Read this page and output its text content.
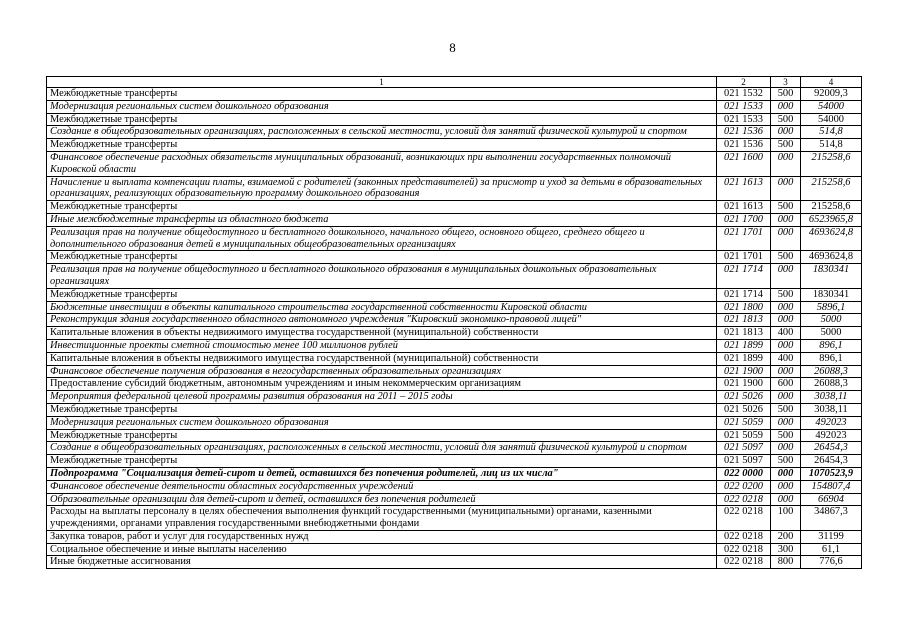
8
1	2	3	4
Межбюджетные трансферты	021 1532	500	92009,3
Модернизация региональных систем дошкольного образования	021 1533	000	54000
Межбюджетные трансферты	021 1533	500	54000
Создание в общеобразовательных организациях, расположенных в сельской местности, условий для занятий физической культурой и спортом	021 1536	000	514,8
Межбюджетные трансферты	021 1536	500	514,8
Финансовое обеспечение расходных обязательств муниципальных образований, возникающих при выполнении государственных полномочий Кировской области	021 1600	000	215258,6
Начисление и выплата компенсации платы, взимаемой с родителей (законных представителей) за присмотр и уход за детьми в образовательных организациях, реализующих образовательную программу дошкольного образования	021 1613	000	215258,6
Межбюджетные трансферты	021 1613	500	215258,6
Иные межбюджетные трансферты из областного бюджета	021 1700	000	6523965,8
Реализация прав на получение общедоступного и бесплатного дошкольного, начального общего, основного общего, среднего общего и дополнительного образования детей в муниципальных общеобразовательных организациях	021 1701	000	4693624,8
Межбюджетные трансферты	021 1701	500	4693624,8
Реализация прав на получение общедоступного и бесплатного дошкольного образования в муниципальных дошкольных образовательных организациях	021 1714	000	1830341
Межбюджетные трансферты	021 1714	500	1830341
Бюджетные инвестиции в объекты капитального строительства государственной собственности Кировской области	021 1800	000	5896,1
Реконструкция здания государственного областного автономного учреждения "Кировский экономико-правовой лицей"	021 1813	000	5000
Капитальные вложения в объекты недвижимого имущества государственной (муниципальной) собственности	021 1813	400	5000
Инвестиционные проекты сметной стоимостью менее 100 миллионов рублей	021 1899	000	896,1
Капитальные вложения в объекты недвижимого имущества государственной (муниципальной) собственности	021 1899	400	896,1
Финансовое обеспечение получения образования в негосударственных образовательных организациях	021 1900	000	26088,3
Предоставление субсидий бюджетным, автономным учреждениям и иным некоммерческим организациям	021 1900	600	26088,3
Мероприятия федеральной целевой программы развития образования на 2011 – 2015 годы	021 5026	000	3038,11
Межбюджетные трансферты	021 5026	500	3038,11
Модернизация региональных систем дошкольного образования	021 5059	000	492023
Межбюджетные трансферты	021 5059	500	492023
Создание в общеобразовательных организациях, расположенных в сельской местности, условий для занятий физической культурой и спортом	021 5097	000	26454,3
Межбюджетные трансферты	021 5097	500	26454,3
Подпрограмма "Социализация детей-сирот и детей, оставшихся без попечения родителей, лиц из их числа"	022 0000	000	1070523,9
Финансовое обеспечение деятельности областных государственных учреждений	022 0200	000	154807,4
Образовательные организации для детей-сирот и детей, оставшихся без попечения родителей	022 0218	000	66904
Расходы на выплаты персоналу в целях обеспечения выполнения функций государственными (муниципальными) органами, казенными учреждениями, органами управления государственными внебюджетными фондами	022 0218	100	34867,3
Закупка товаров, работ и услуг для государственных нужд	022 0218	200	31199
Социальное обеспечение и иные выплаты населению	022 0218	300	61,1
Иные бюджетные ассигнования	022 0218	800	776,6
